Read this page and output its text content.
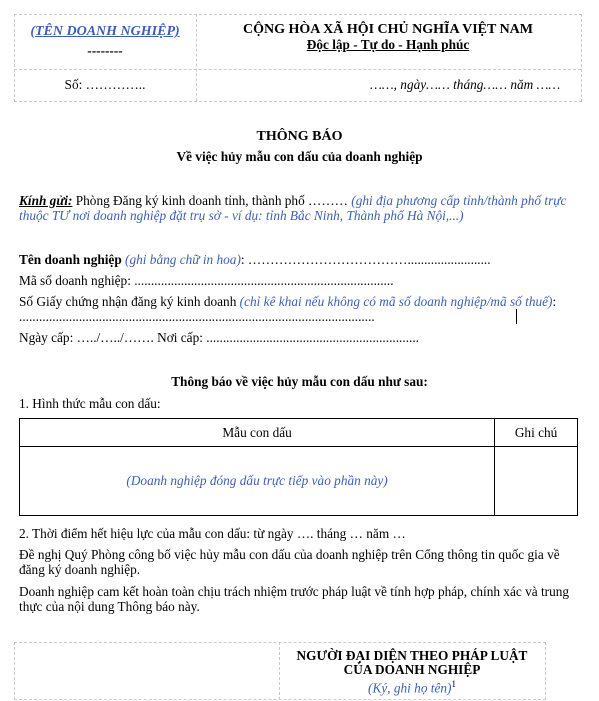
(TÊN DOANH NGHIỆP)
--------
CỘNG HÒA XÃ HỘI CHỦ NGHĨA VIỆT NAM
Độc lập - Tự do - Hạnh phúc
Số: …………..	……, ngày…… tháng…… năm ……
THÔNG BÁO
Về việc hủy mẫu con dấu của doanh nghiệp
Kính gửi: Phòng Đăng ký kinh doanh tỉnh, thành phố ……… (ghi địa phương cấp tỉnh/thành phố trực thuộc TƯ nơi doanh nghiệp đặt trụ sở - ví dụ: tỉnh Bắc Ninh, Thành phố Hà Nội,...)
Tên doanh nghiệp (ghi bằng chữ in hoa): ……………………………….........................
Mã số doanh nghiệp: ..............................................................................
Số Giấy chứng nhận đăng ký kinh doanh (chỉ kê khai nếu không có mã số doanh nghiệp/mã số thuế): ...........................................................................................................
Ngày cấp: …../…../……. Nơi cấp: ................................................................
Thông báo về việc hủy mẫu con dấu như sau:
1. Hình thức mẫu con dấu:
Mẫu con dấu	Ghi chú
(Doanh nghiệp đóng dấu trực tiếp vào phần này)	
2. Thời điểm hết hiệu lực của mẫu con dấu: từ ngày …. tháng … năm …
Đề nghị Quý Phòng công bố việc hủy mẫu con dấu của doanh nghiệp trên Cổng thông tin quốc gia về đăng ký doanh nghiệp.
Doanh nghiệp cam kết hoàn toàn chịu trách nhiệm trước pháp luật về tính hợp pháp, chính xác và trung thực của nội dung Thông báo này.
NGƯỜI ĐẠI DIỆN THEO PHÁP LUẬT
CỦA DOANH NGHIỆP
(Ký, ghi họ tên)$^1$
